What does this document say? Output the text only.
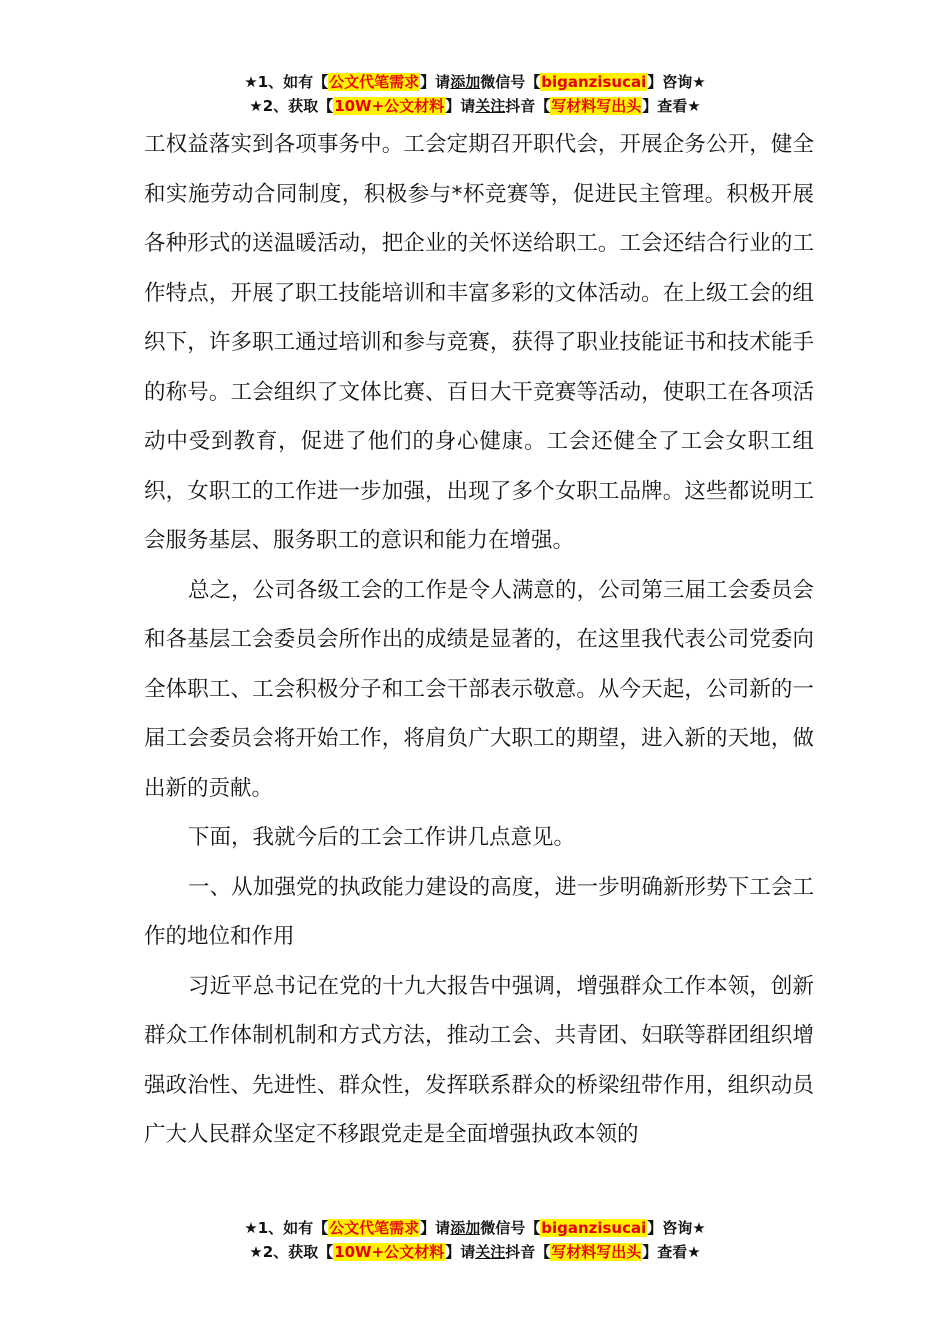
★1、如有【公文代笔需求】请添加微信号【biganzisucai】咨询★
★2、获取【10W+公文材料】请关注抖音【写材料写出头】查看★

工权益落实到各项事务中。工会定期召开职代会，开展企务公开，健全和实施劳动合同制度，积极参与*杯竞赛等，促进民主管理。积极开展各种形式的送温暖活动，把企业的关怀送给职工。工会还结合行业的工作特点，开展了职工技能培训和丰富多彩的文体活动。在上级工会的组织下，许多职工通过培训和参与竞赛，获得了职业技能证书和技术能手的称号。工会组织了文体比赛、百日大干竞赛等活动，使职工在各项活动中受到教育，促进了他们的身心健康。工会还健全了工会女职工组织，女职工的工作进一步加强，出现了多个女职工品牌。这些都说明工会服务基层、服务职工的意识和能力在增强。

总之，公司各级工会的工作是令人满意的，公司第三届工会委员会和各基层工会委员会所作出的成绩是显著的，在这里我代表公司党委向全体职工、工会积极分子和工会干部表示敬意。从今天起，公司新的一届工会委员会将开始工作，将肩负广大职工的期望，进入新的天地，做出新的贡献。

下面，我就今后的工会工作讲几点意见。

一、从加强党的执政能力建设的高度，进一步明确新形势下工会工作的地位和作用

习近平总书记在党的十九大报告中强调，增强群众工作本领，创新群众工作体制机制和方式方法，推动工会、共青团、妇联等群团组织增强政治性、先进性、群众性，发挥联系群众的桥梁纽带作用，组织动员广大人民群众坚定不移跟党走是全面增强执政本领的

★1、如有【公文代笔需求】请添加微信号【biganzisucai】咨询★
★2、获取【10W+公文材料】请关注抖音【写材料写出头】查看★
